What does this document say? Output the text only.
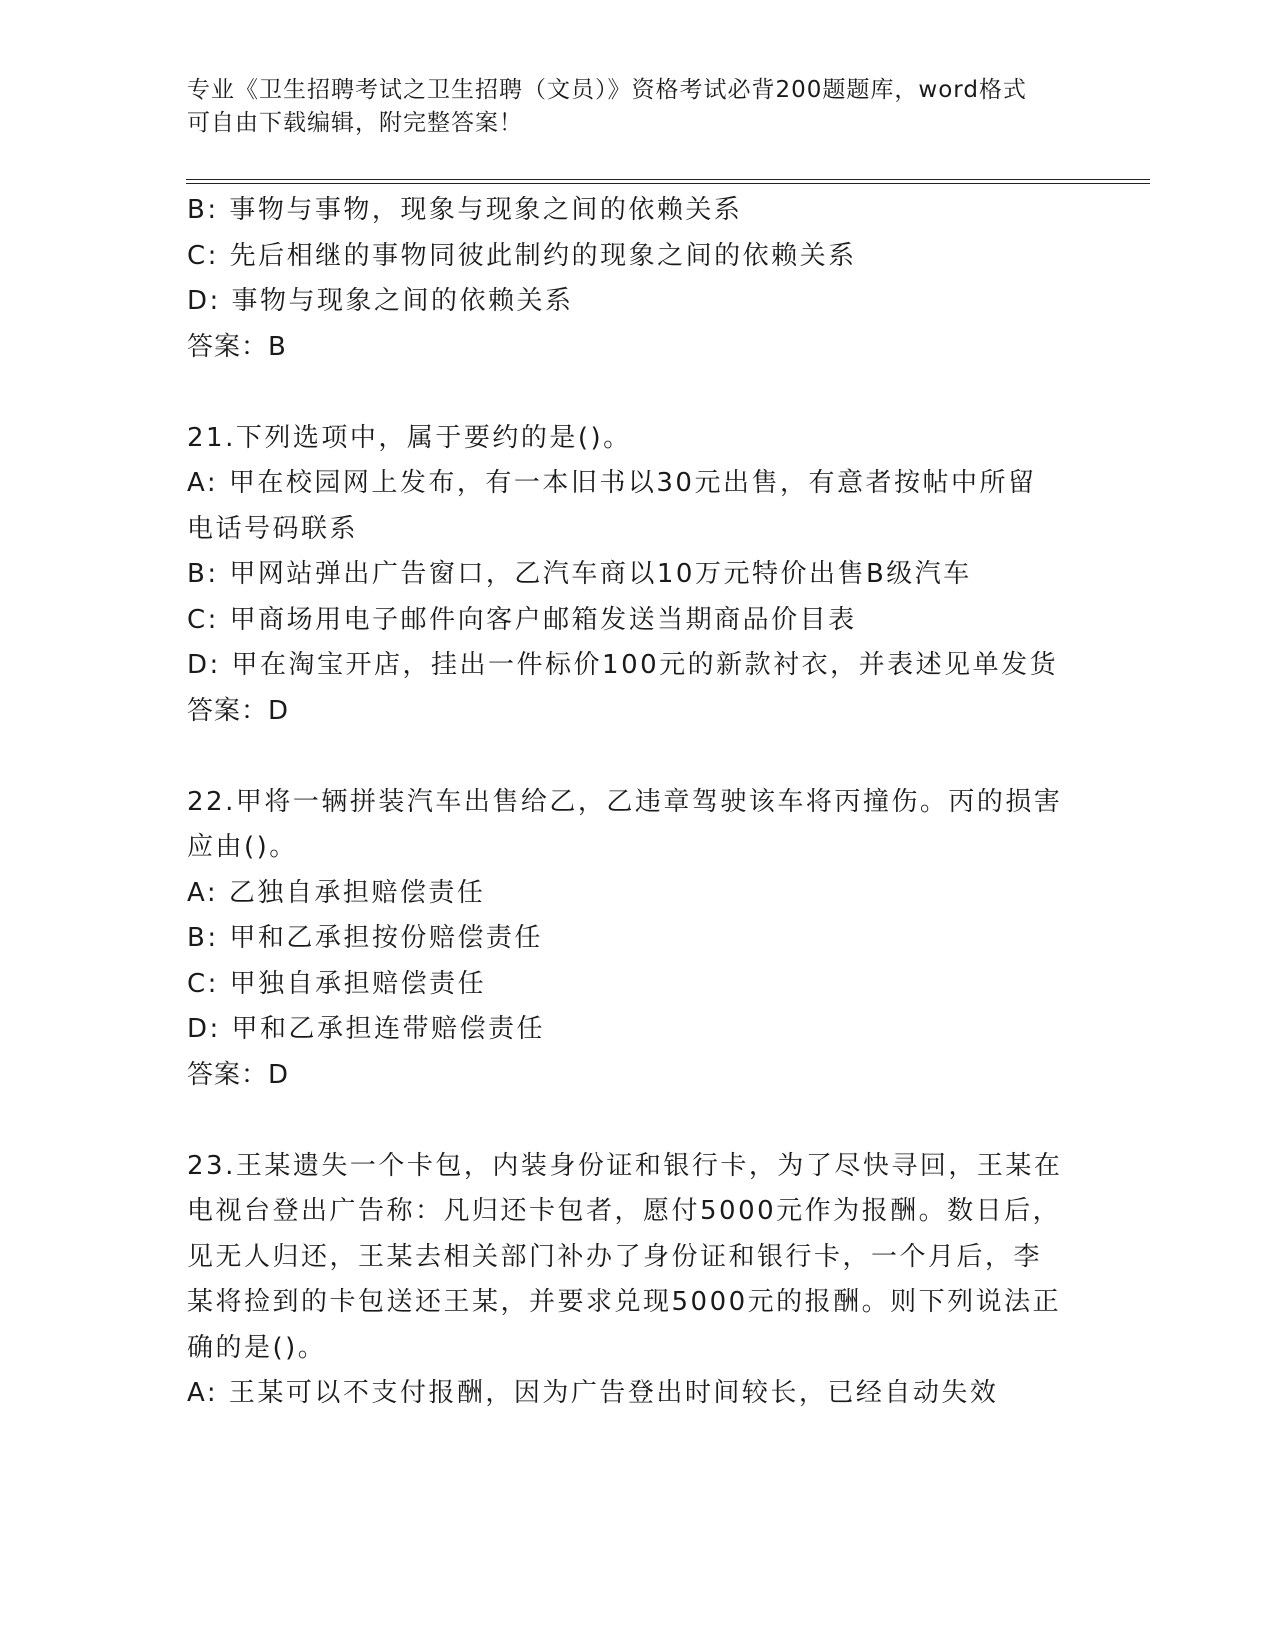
专业《卫生招聘考试之卫生招聘（文员）》资格考试必背200题题库，word格式
可自由下载编辑，附完整答案！
B: 事物与事物，现象与现象之间的依赖关系
C: 先后相继的事物同彼此制约的现象之间的依赖关系
D: 事物与现象之间的依赖关系
答案：B
21.下列选项中，属于要约的是()。
A: 甲在校园网上发布，有一本旧书以30元出售，有意者按帖中所留
电话号码联系
B: 甲网站弹出广告窗口，乙汽车商以10万元特价出售B级汽车
C: 甲商场用电子邮件向客户邮箱发送当期商品价目表
D: 甲在淘宝开店，挂出一件标价100元的新款衬衣，并表述见单发货
答案：D
22.甲将一辆拼装汽车出售给乙，乙违章驾驶该车将丙撞伤。丙的损害
应由()。
A: 乙独自承担赔偿责任
B: 甲和乙承担按份赔偿责任
C: 甲独自承担赔偿责任
D: 甲和乙承担连带赔偿责任
答案：D
23.王某遗失一个卡包，内装身份证和银行卡，为了尽快寻回，王某在
电视台登出广告称：凡归还卡包者，愿付5000元作为报酬。数日后，
见无人归还，王某去相关部门补办了身份证和银行卡，一个月后，李
某将捡到的卡包送还王某，并要求兑现5000元的报酬。则下列说法正
确的是()。
A: 王某可以不支付报酬，因为广告登出时间较长，已经自动失效
